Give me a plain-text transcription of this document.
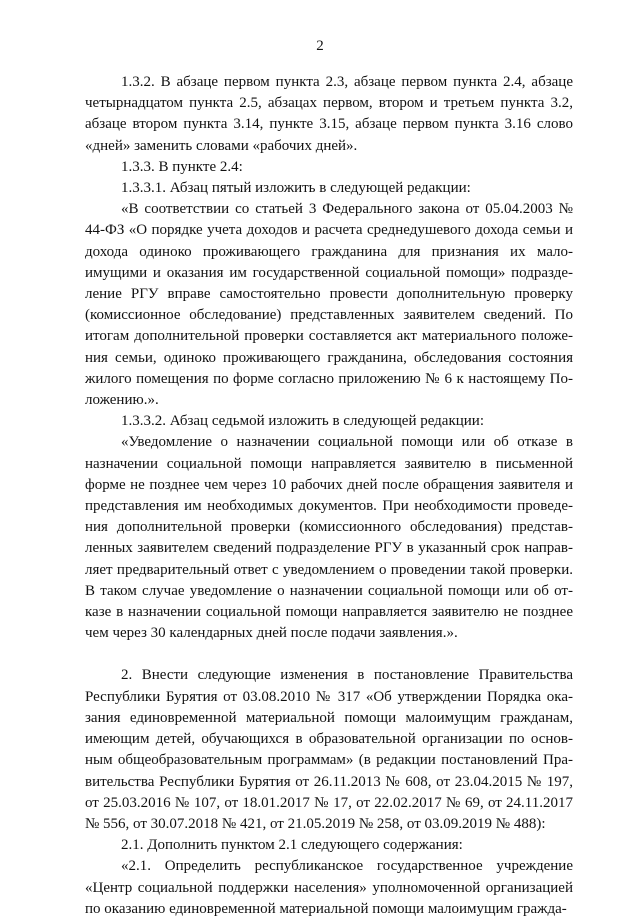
2

1.3.2. В абзаце первом пункта 2.3, абзаце первом пункта 2.4, абзаце четырнадцатом пункта 2.5, абзацах первом, втором и третьем пункта 3.2, абзаце втором пункта 3.14, пункте 3.15, абзаце первом пункта 3.16 слово «дней» заменить словами «рабочих дней».

1.3.3. В пункте 2.4:

1.3.3.1. Абзац пятый изложить в следующей редакции:

«В соответствии со статьей 3 Федерального закона от 05.04.2003 № 44-ФЗ «О порядке учета доходов и расчета среднедушевого дохода семьи и дохода одиноко проживающего гражданина для признания их малоимущими и оказания им государственной социальной помощи» подразделение РГУ вправе самостоятельно провести дополнительную проверку (комиссионное обследование) представленных заявителем сведений. По итогам дополнительной проверки составляется акт материального положения семьи, одиноко проживающего гражданина, обследования состояния жилого помещения по форме согласно приложению № 6 к настоящему Положению.».

1.3.3.2. Абзац седьмой изложить в следующей редакции:

«Уведомление о назначении социальной помощи или об отказе в назначении социальной помощи направляется заявителю в письменной форме не позднее чем через 10 рабочих дней после обращения заявителя и представления им необходимых документов. При необходимости проведения дополнительной проверки (комиссионного обследования) представленных заявителем сведений подразделение РГУ в указанный срок направляет предварительный ответ с уведомлением о проведении такой проверки. В таком случае уведомление о назначении социальной помощи или об отказе в назначении социальной помощи направляется заявителю не позднее чем через 30 календарных дней после подачи заявления.».

2. Внести следующие изменения в постановление Правительства Республики Бурятия от 03.08.2010 № 317 «Об утверждении Порядка оказания единовременной материальной помощи малоимущим гражданам, имеющим детей, обучающихся в образовательной организации по основным общеобразовательным программам» (в редакции постановлений Правительства Республики Бурятия от 26.11.2013 № 608, от 23.04.2015 № 197, от 25.03.2016 № 107, от 18.01.2017 № 17, от 22.02.2017 № 69, от 24.11.2017 № 556, от 30.07.2018 № 421, от 21.05.2019 № 258, от 03.09.2019 № 488):

2.1. Дополнить пунктом 2.1 следующего содержания:

«2.1. Определить республиканское государственное учреждение «Центр социальной поддержки населения» уполномоченной организацией по оказанию единовременной материальной помощи малоимущим гражда-
